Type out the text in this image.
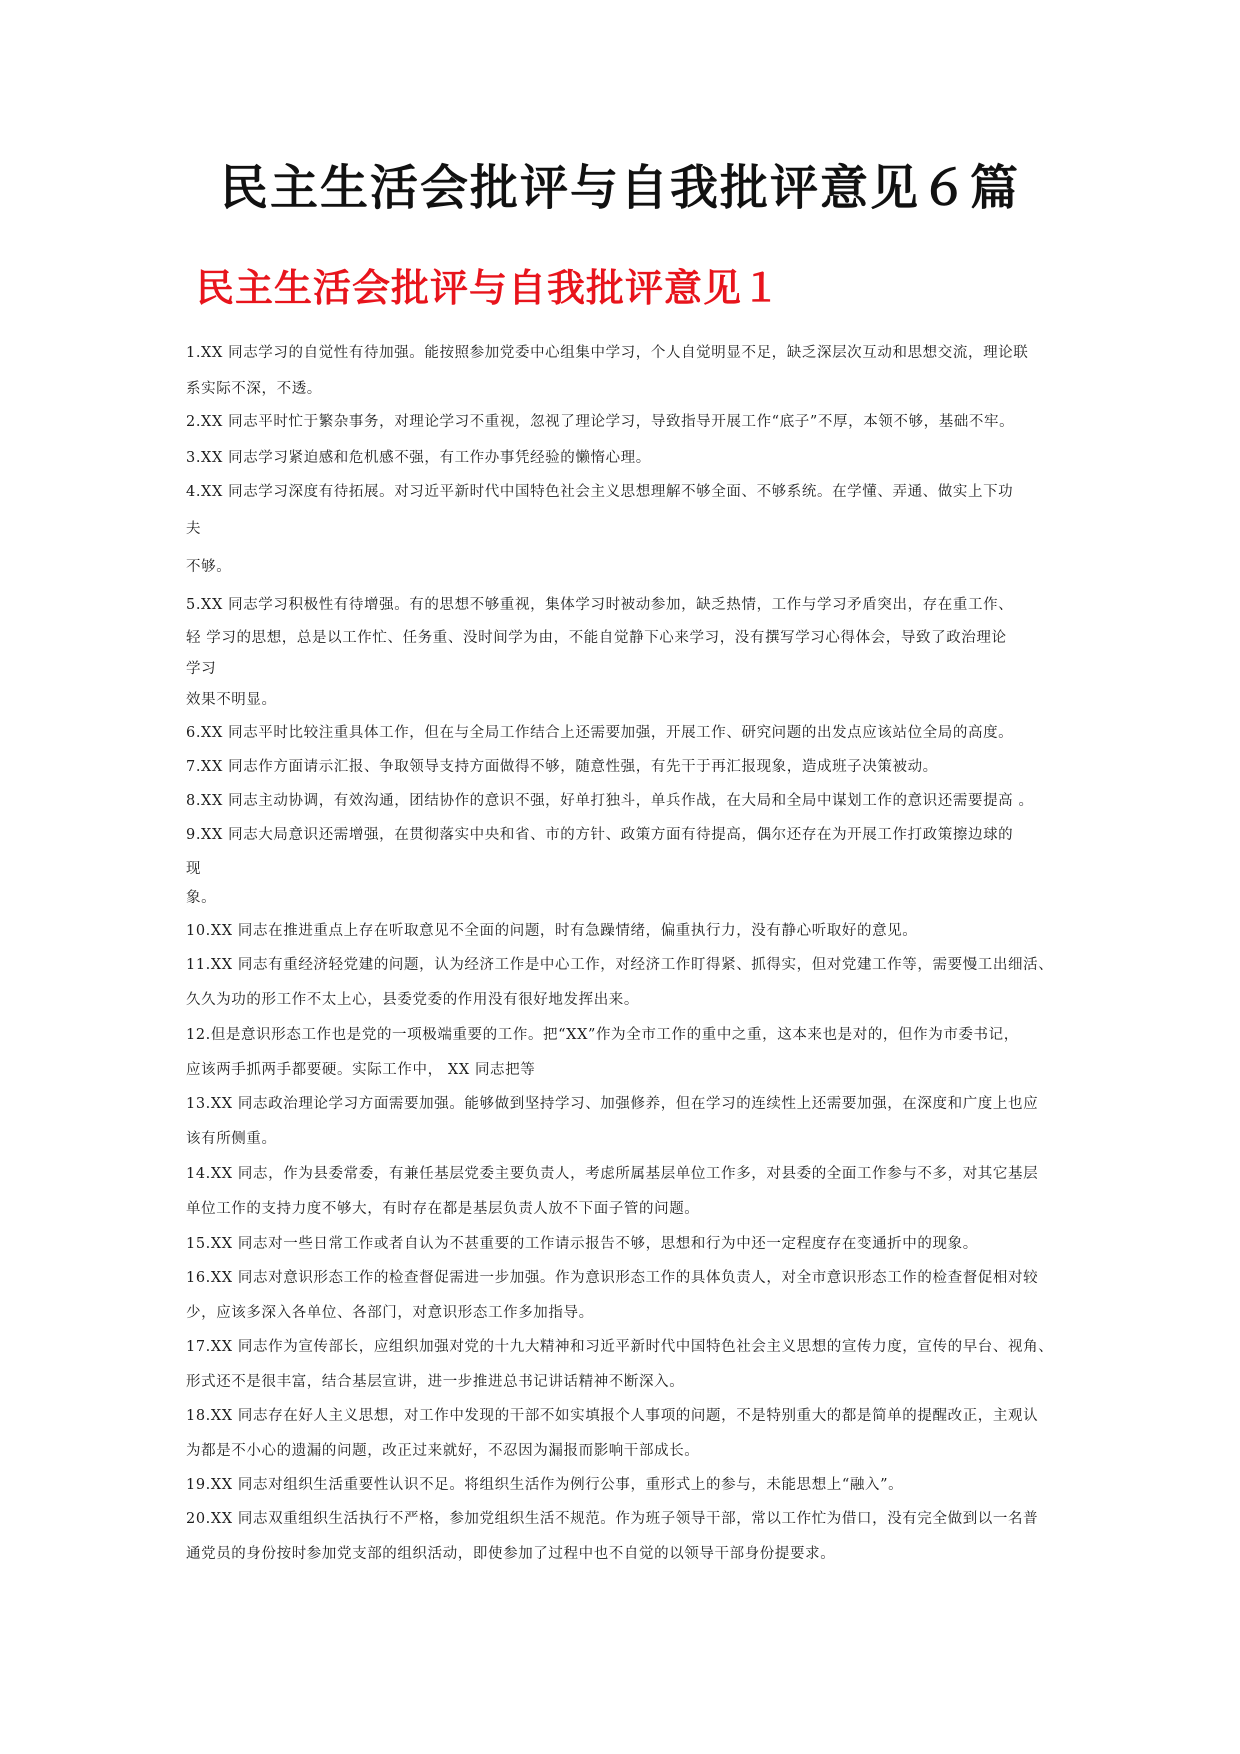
民主生活会批评与自我批评意见６篇
民主生活会批评与自我批评意见１
1.XX 同志学习的自觉性有待加强。能按照参加党委中心组集中学习，个人自觉明显不足，缺乏深层次互动和思想交流，理论联
系实际不深，不透。
2.XX 同志平时忙于繁杂事务，对理论学习不重视，忽视了理论学习，导致指导开展工作“底子”不厚，本领不够，基础不牢。
3.XX 同志学习紧迫感和危机感不强，有工作办事凭经验的懒惰心理。
4.XX 同志学习深度有待拓展。对习近平新时代中国特色社会主义思想理解不够全面、不够系统。在学懂、弄通、做实上下功
夫
不够。
5.XX 同志学习积极性有待增强。有的思想不够重视，集体学习时被动参加，缺乏热情，工作与学习矛盾突出，存在重工作、
轻 学习的思想，总是以工作忙、任务重、没时间学为由，不能自觉静下心来学习，没有撰写学习心得体会，导致了政治理论
学习
效果不明显。
6.XX 同志平时比较注重具体工作，但在与全局工作结合上还需要加强，开展工作、研究问题的出发点应该站位全局的高度。
7.XX 同志作方面请示汇报、争取领导支持方面做得不够，随意性强，有先干于再汇报现象，造成班子决策被动。
8.XX 同志主动协调，有效沟通，团结协作的意识不强，好单打独斗，单兵作战，在大局和全局中谋划工作的意识还需要提高 。
9.XX 同志大局意识还需增强，在贯彻落实中央和省、市的方针、政策方面有待提高，偶尔还存在为开展工作打政策擦边球的
现
象。
10.XX 同志在推进重点上存在听取意见不全面的问题，时有急躁情绪，偏重执行力，没有静心听取好的意见。
11.XX 同志有重经济轻党建的问题，认为经济工作是中心工作，对经济工作盯得紧、抓得实，但对党建工作等，需要慢工出细活、
久久为功的形工作不太上心，县委党委的作用没有很好地发挥出来。
12.但是意识形态工作也是党的一项极端重要的工作。把“XX”作为全市工作的重中之重，这本来也是对的，但作为市委书记，
应该两手抓两手都要硬。实际工作中， XX 同志把等
13.XX 同志政治理论学习方面需要加强。能够做到坚持学习、加强修养，但在学习的连续性上还需要加强，在深度和广度上也应
该有所侧重。
14.XX 同志，作为县委常委，有兼任基层党委主要负责人，考虑所属基层单位工作多，对县委的全面工作参与不多，对其它基层
单位工作的支持力度不够大，有时存在都是基层负责人放不下面子管的问题。
15.XX 同志对一些日常工作或者自认为不甚重要的工作请示报告不够，思想和行为中还一定程度存在变通折中的现象。
16.XX 同志对意识形态工作的检查督促需进一步加强。作为意识形态工作的具体负责人，对全市意识形态工作的检查督促相对较
少，应该多深入各单位、各部门，对意识形态工作多加指导。
17.XX 同志作为宣传部长，应组织加强对党的十九大精神和习近平新时代中国特色社会主义思想的宣传力度，宣传的早台、视角、
形式还不是很丰富，结合基层宣讲，进一步推进总书记讲话精神不断深入。
18.XX 同志存在好人主义思想，对工作中发现的干部不如实填报个人事项的问题，不是特别重大的都是简单的提醒改正，主观认
为都是不小心的遗漏的问题，改正过来就好，不忍因为漏报而影响干部成长。
19.XX 同志对组织生活重要性认识不足。将组织生活作为例行公事，重形式上的参与，未能思想上“融入”。
20.XX 同志双重组织生活执行不严格，参加党组织生活不规范。作为班子领导干部，常以工作忙为借口，没有完全做到以一名普
通党员的身份按时参加党支部的组织活动，即使参加了过程中也不自觉的以领导干部身份提要求。
